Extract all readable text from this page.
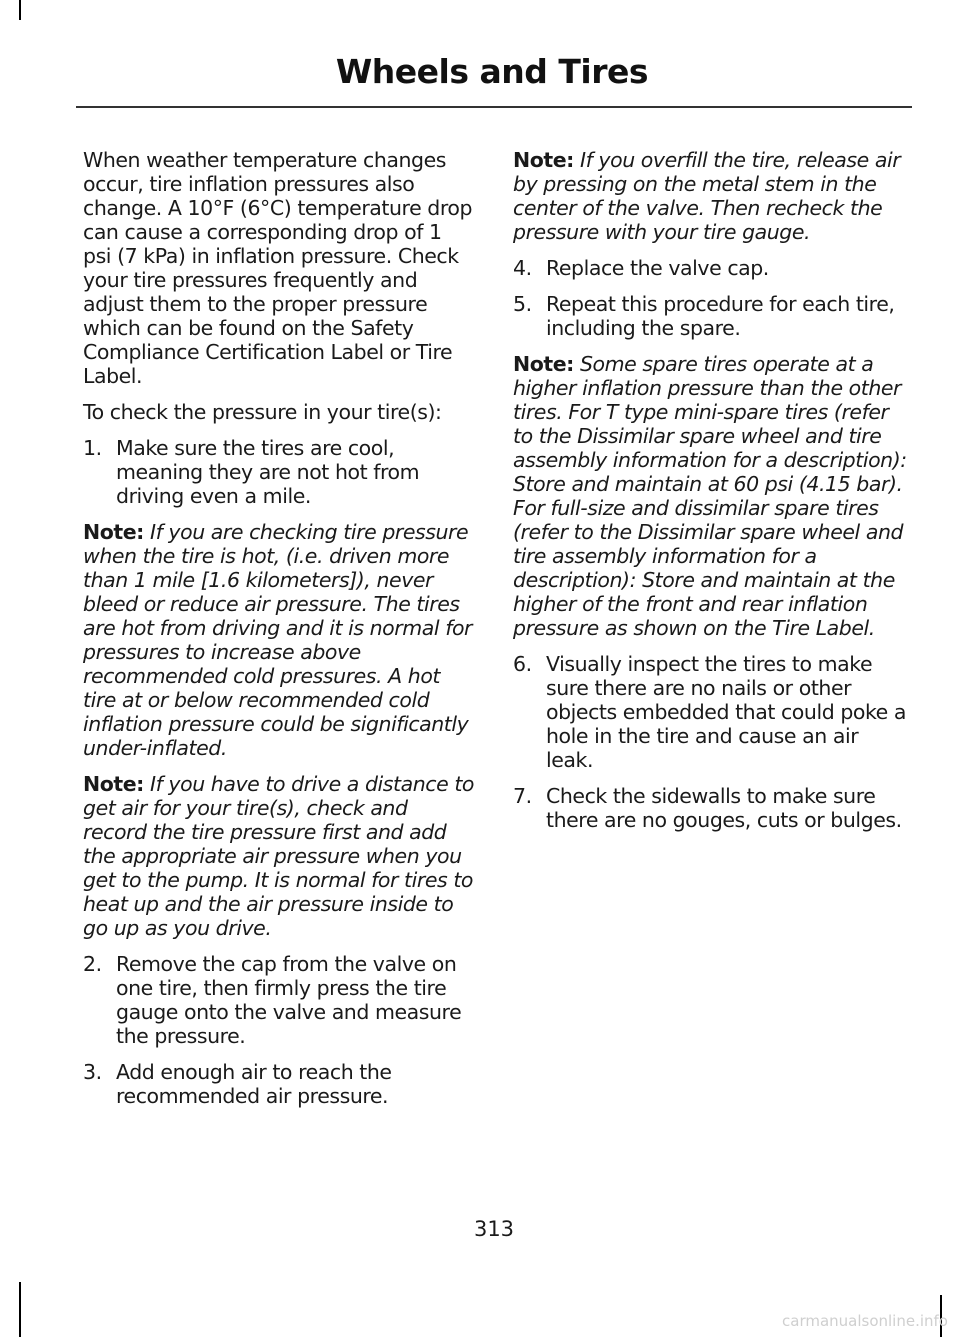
Wheels and Tires

When weather temperature changes occur, tire inflation pressures also change. A 10°F (6°C) temperature drop can cause a corresponding drop of 1 psi (7 kPa) in inflation pressure. Check your tire pressures frequently and adjust them to the proper pressure which can be found on the Safety Compliance Certification Label or Tire Label.

To check the pressure in your tire(s):

1. Make sure the tires are cool, meaning they are not hot from driving even a mile.

Note: If you are checking tire pressure when the tire is hot, (i.e. driven more than 1 mile [1.6 kilometers]), never bleed or reduce air pressure. The tires are hot from driving and it is normal for pressures to increase above recommended cold pressures. A hot tire at or below recommended cold inflation pressure could be significantly under-inflated.

Note: If you have to drive a distance to get air for your tire(s), check and record the tire pressure first and add the appropriate air pressure when you get to the pump. It is normal for tires to heat up and the air pressure inside to go up as you drive.

2. Remove the cap from the valve on one tire, then firmly press the tire gauge onto the valve and measure the pressure.
3. Add enough air to reach the recommended air pressure.

Note: If you overfill the tire, release air by pressing on the metal stem in the center of the valve. Then recheck the pressure with your tire gauge.

4. Replace the valve cap.
5. Repeat this procedure for each tire, including the spare.

Note: Some spare tires operate at a higher inflation pressure than the other tires. For T type mini-spare tires (refer to the Dissimilar spare wheel and tire assembly information for a description): Store and maintain at 60 psi (4.15 bar). For full-size and dissimilar spare tires (refer to the Dissimilar spare wheel and tire assembly information for a description): Store and maintain at the higher of the front and rear inflation pressure as shown on the Tire Label.

6. Visually inspect the tires to make sure there are no nails or other objects embedded that could poke a hole in the tire and cause an air leak.
7. Check the sidewalls to make sure there are no gouges, cuts or bulges.
313
carmanualsonline.info
